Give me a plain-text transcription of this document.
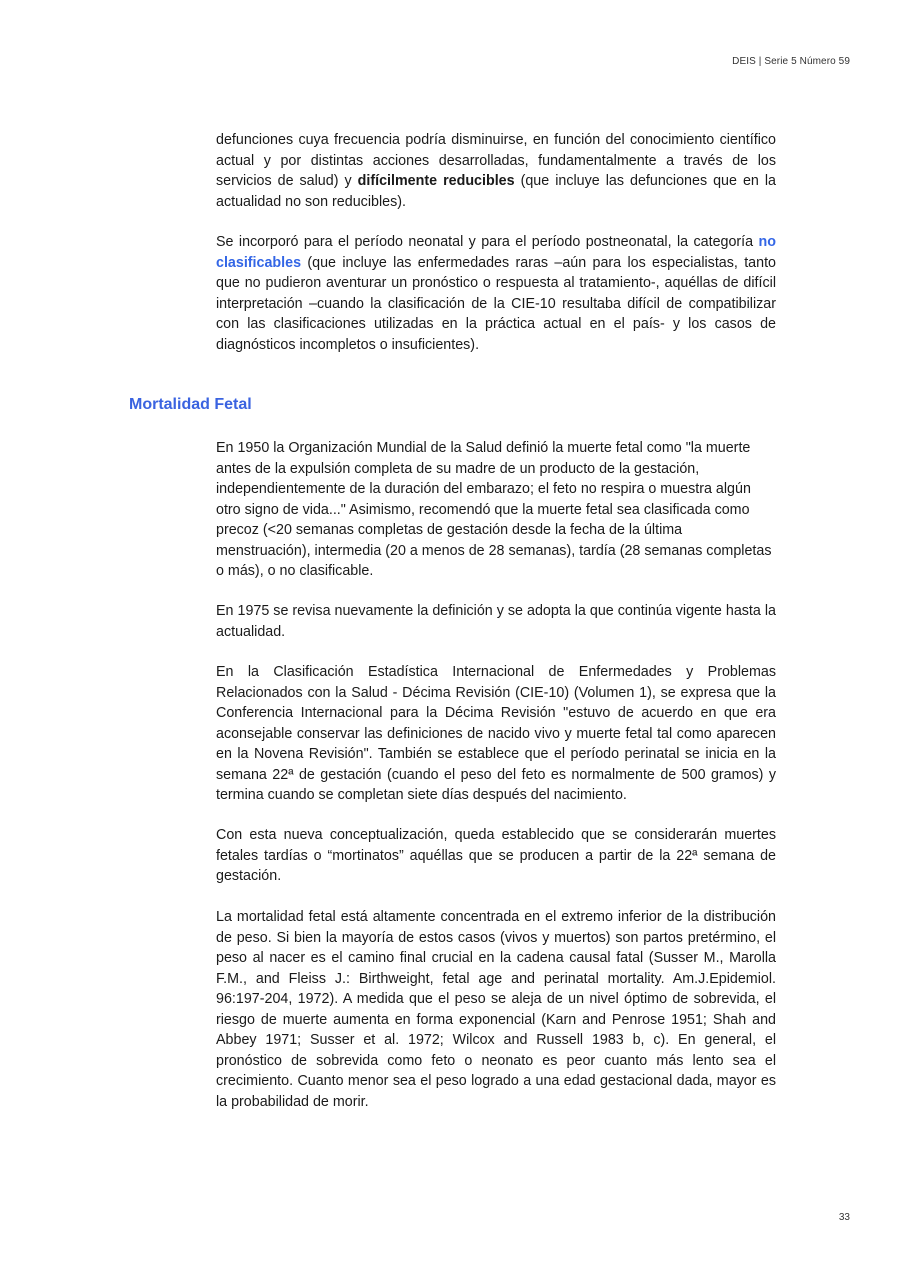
DEIS | Serie 5 Número 59

defunciones cuya frecuencia podría disminuirse, en función del conocimiento científico actual y por distintas acciones desarrolladas, fundamentalmente a través de los servicios de salud) y difícilmente reducibles (que incluye las defunciones que en la actualidad no son reducibles).

Se incorporó para el período neonatal y para el período postneonatal, la categoría no clasificables (que incluye las enfermedades raras –aún para los especialistas, tanto que no pudieron aventurar un pronóstico o respuesta al tratamiento-, aquéllas de difícil interpretación –cuando la clasificación de la CIE-10 resultaba difícil de compatibilizar con las clasificaciones utilizadas en la práctica actual en el país- y los casos de diagnósticos incompletos o insuficientes).

Mortalidad Fetal

En 1950 la Organización Mundial de la Salud definió la muerte fetal como "la muerte antes de la expulsión completa de su madre de un producto de la gestación, independientemente de la duración del embarazo; el feto no respira o muestra algún otro signo de vida..." Asimismo, recomendó que la muerte fetal sea clasificada como precoz (<20 semanas completas de gestación desde la fecha de la última menstruación), intermedia (20 a menos de 28 semanas), tardía (28 semanas completas o más), o no clasificable.

En 1975 se revisa nuevamente la definición y se adopta la que continúa vigente hasta la actualidad.

En la Clasificación Estadística Internacional de Enfermedades y Problemas Relacionados con la Salud - Décima Revisión (CIE-10) (Volumen 1), se expresa que la Conferencia Internacional para la Décima Revisión "estuvo de acuerdo en que era aconsejable conservar las definiciones de nacido vivo y muerte fetal tal como aparecen en la Novena Revisión". También se establece que el período perinatal se inicia en la semana 22ª de gestación (cuando el peso del feto es normalmente de 500 gramos) y termina cuando se completan siete días después del nacimiento.

Con esta nueva conceptualización, queda establecido que se considerarán muertes fetales tardías o “mortinatos” aquéllas que se producen a partir de la 22ª semana de gestación.

La mortalidad fetal está altamente concentrada en el extremo inferior de la distribución de peso. Si bien la mayoría de estos casos (vivos y muertos) son partos pretérmino, el peso al nacer es el camino final crucial en la cadena causal fatal (Susser M., Marolla F.M., and Fleiss J.: Birthweight, fetal age and perinatal mortality. Am.J.Epidemiol. 96:197-204, 1972). A medida que el peso se aleja de un nivel óptimo de sobrevida, el riesgo de muerte aumenta en forma exponencial (Karn and Penrose 1951; Shah and Abbey 1971; Susser et al. 1972; Wilcox and Russell 1983 b, c). En general, el pronóstico de sobrevida como feto o neonato es peor cuanto más lento sea el crecimiento. Cuanto menor sea el peso logrado a una edad gestacional dada, mayor es la probabilidad de morir.

33
